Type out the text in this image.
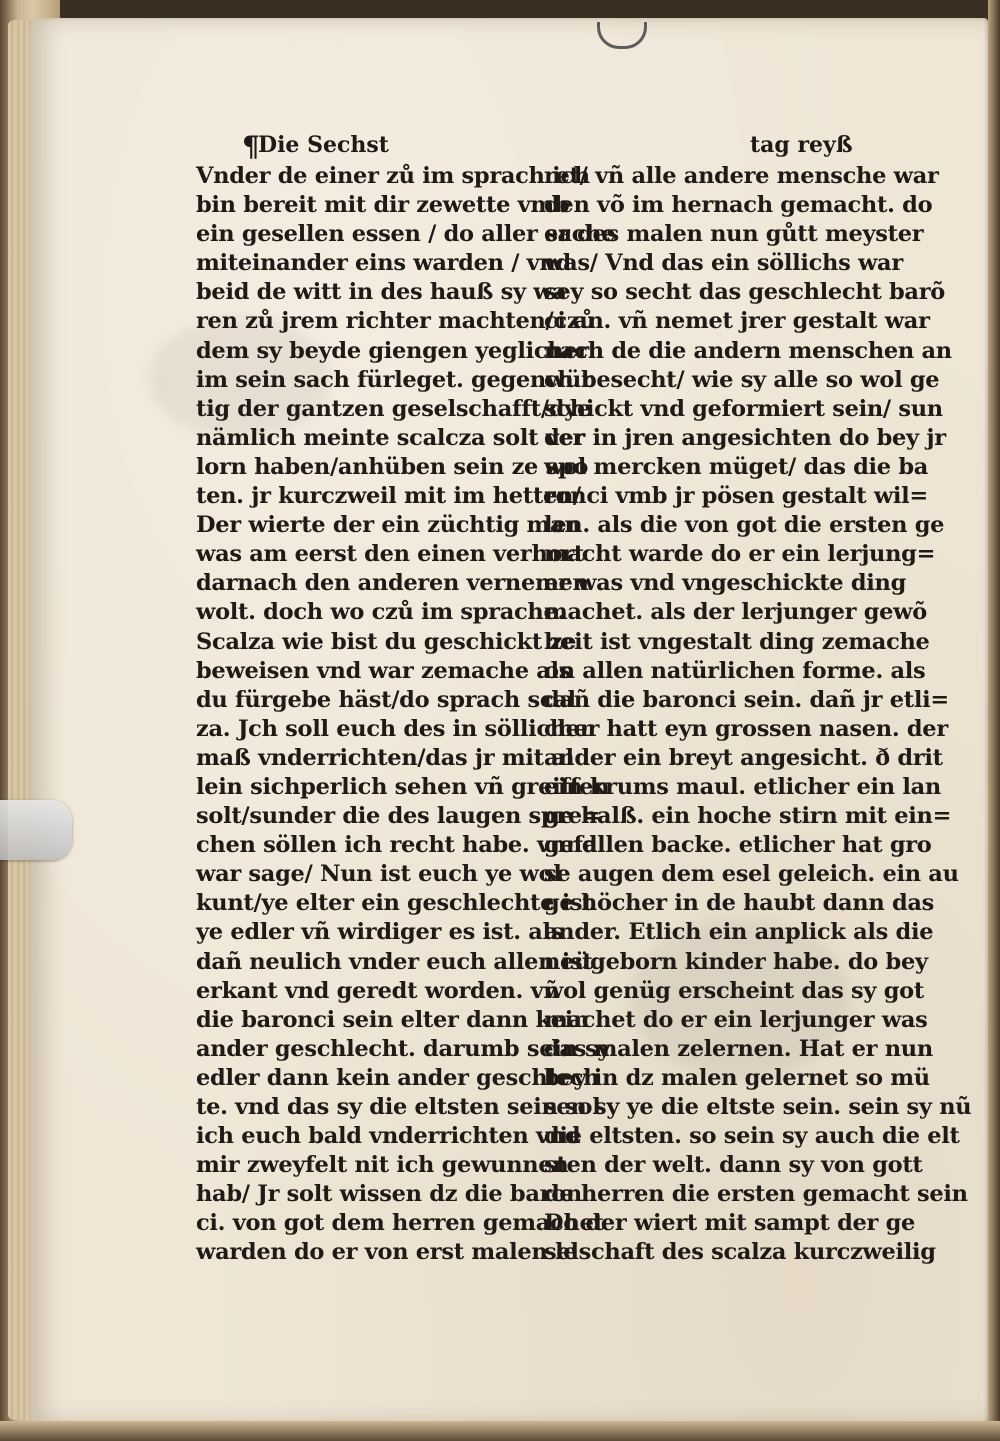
¶
Die Sechst	tag reyß
Vnder de einer zů im sprach ich
bin bereit mit dir zewette vmb
ein gesellen essen / do aller sache
miteinander eins warden / vnd
beid de witt in des hauß sy wa
ren zů jrem richter machten/czů
dem sy beyde giengen yeglicher
im sein sach fürleget. gegenwür
tig der gantzen geselschafft/dye
nämlich meinte scalcza solt ver
lorn haben/anhüben sein ze spo
ten. jr kurczweil mit im hetten/
Der wierte der ein züchtig man
was am eerst den einen verhort
darnach den anderen vernemen
wolt. doch wo czů im sprache.
Scalza wie bist du geschickt ze
beweisen vnd war zemache als
du fürgebe häst/do sprach scal
za. Jch soll euch des in söllicher
maß vnderrichten/das jr mit al
lein sichperlich sehen vñ greiffen
solt/sunder die des laugen spre=
chen söllen ich recht habe. vnnd
war sage/ Nun ist euch ye wol
kunt/ye elter ein geschlechte ist
ye edler vñ wirdiger es ist. als
dañ neulich vnder euch allen ist
erkant vnd geredt worden. vñ
die baronci sein elter dann kein
ander geschlecht. darumb sein sy
edler dann kein ander geschlech
te. vnd das sy die eltsten sein sol
ich euch bald vnderrichten vnd
mir zweyfelt nit ich gewunnen
hab/ Jr solt wissen dz die baron
ci. von got dem herren gemachet
warden do er von erst malen le
ret/ vñ alle andere mensche war
den võ im hernach gemacht. do
er des malen nun gůtt meyster
was/ Vnd das ein söllichs war
sey so secht das geschlecht barõ
ci an. vñ nemet jrer gestalt war
nach de die andern menschen an
ch besecht/ wie sy alle so wol ge
schickt vnd geformiert sein/ sun
der in jren angesichten do bey jr
wol mercken müget/ das die ba
ronci vmb jr pösen gestalt wil=
len. als die von got die ersten ge
macht warde do er ein lerjung=
er was vnd vngeschickte ding
machet. als der lerjunger gewõ
heit ist vngestalt ding zemache
on allen natürlichen forme. als
dañ die baronci sein. dañ jr etli=
cher hatt eyn grossen nasen. der
ander ein breyt angesicht. ð drit
ein krums maul. etlicher ein lan
ge halß. ein hoche stirn mit ein=
gefallen backe. etlicher hat gro
se augen dem esel geleich. ein au
ge höcher in de haubt dann das
ander. Etlich ein anplick als die
neügeborn kinder habe. do bey
wol genüg erscheint das sy got
machet do er ein lerjunger was
das malen zelernen. Hat er nun
bey in dz malen gelernet so mü
sen sy ye die eltste sein. sein sy nũ
die eltsten. so sein sy auch die elt
sten der welt. dann sy von gott
de herren die ersten gemacht sein
Do der wiert mit sampt der ge
selschaft des scalza kurczweilig
